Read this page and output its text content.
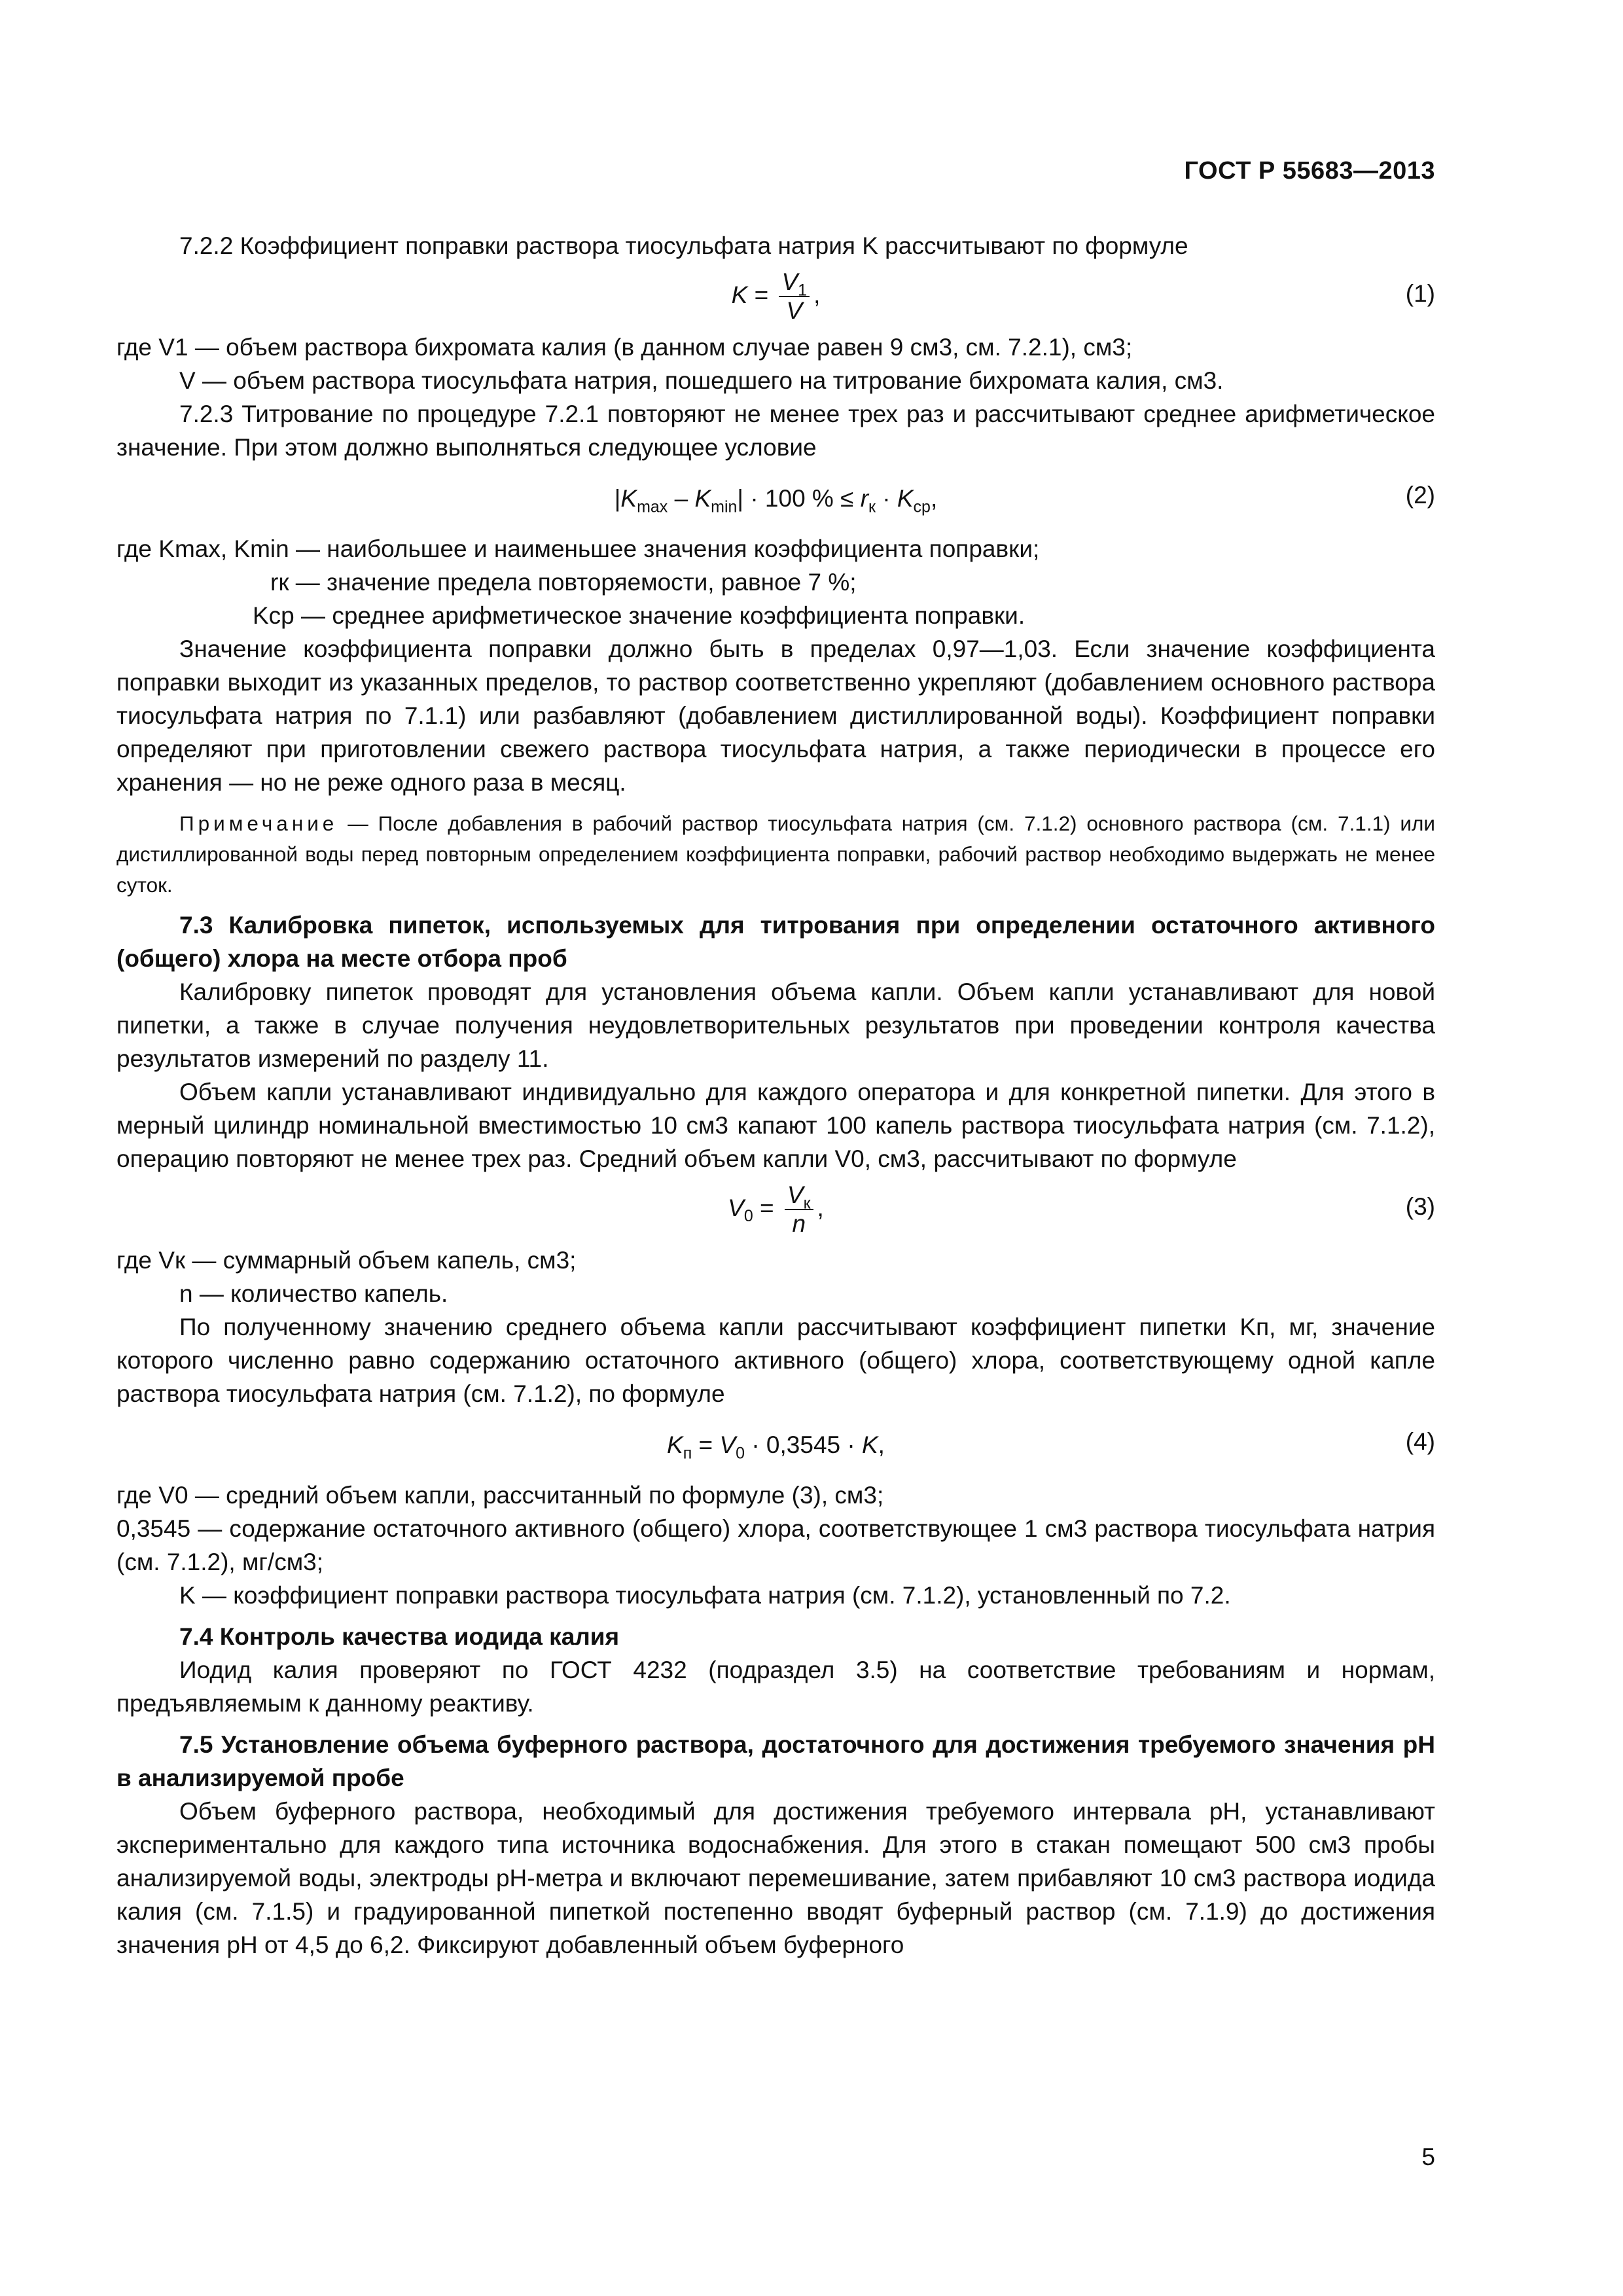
ГОСТ Р 55683—2013

7.2.2 Коэффициент поправки раствора тиосульфата натрия K рассчитывают по формуле

$K = \frac{V_1}{V}$ ,	(1)

где V1 — объем раствора бихромата калия (в данном случае равен 9 см3, см. 7.2.1), см3;

V — объем раствора тиосульфата натрия, пошедшего на титрование бихромата калия, см3.

7.2.3 Титрование по процедуре 7.2.1 повторяют не менее трех раз и рассчитывают среднее арифметическое значение. При этом должно выполняться следующее условие

$|K_{max} - K_{min}| \cdot 100$ % ≤ $r_к \cdot K_{ср}$,	(2)

где Kmax, Kmin — наибольшее и наименьшее значения коэффициента поправки;

rк — значение предела повторяемости, равное 7 %;

Kср — среднее арифметическое значение коэффициента поправки.

Значение коэффициента поправки должно быть в пределах 0,97—1,03. Если значение коэффициента поправки выходит из указанных пределов, то раствор соответственно укрепляют (добавлением основного раствора тиосульфата натрия по 7.1.1) или разбавляют (добавлением дистиллированной воды). Коэффициент поправки определяют при приготовлении свежего раствора тиосульфата натрия, а также периодически в процессе его хранения — но не реже одного раза в месяц.

Примечание — После добавления в рабочий раствор тиосульфата натрия (см. 7.1.2) основного раствора (см. 7.1.1) или дистиллированной воды перед повторным определением коэффициента поправки, рабочий раствор необходимо выдержать не менее суток.

7.3 Калибровка пипеток, используемых для титрования при определении остаточного активного (общего) хлора на месте отбора проб

Калибровку пипеток проводят для установления объема капли. Объем капли устанавливают для новой пипетки, а также в случае получения неудовлетворительных результатов при проведении контроля качества результатов измерений по разделу 11.

Объем капли устанавливают индивидуально для каждого оператора и для конкретной пипетки. Для этого в мерный цилиндр номинальной вместимостью 10 см3 капают 100 капель раствора тиосульфата натрия (см. 7.1.2), операцию повторяют не менее трех раз. Средний объем капли V0, см3, рассчитывают по формуле

$V_0 = \frac{V_к}{n}$ ,	(3)

где Vк — суммарный объем капель, см3;

n — количество капель.

По полученному значению среднего объема капли рассчитывают коэффициент пипетки Kп, мг, значение которого численно равно содержанию остаточного активного (общего) хлора, соответствующему одной капле раствора тиосульфата натрия (см. 7.1.2), по формуле

$K_п = V_0 \cdot 0,3545 \cdot K$,	(4)

где V0 — средний объем капли, рассчитанный по формуле (3), см3;

0,3545 — содержание остаточного активного (общего) хлора, соответствующее 1 см3 раствора тиосульфата натрия (см. 7.1.2), мг/см3;

K — коэффициент поправки раствора тиосульфата натрия (см. 7.1.2), установленный по 7.2.

7.4 Контроль качества иодида калия

Иодид калия проверяют по ГОСТ 4232 (подраздел 3.5) на соответствие требованиям и нормам, предъявляемым к данному реактиву.

7.5 Установление объема буферного раствора, достаточного для достижения требуемого значения pH в анализируемой пробе

Объем буферного раствора, необходимый для достижения требуемого интервала pH, устанавливают экспериментально для каждого типа источника водоснабжения. Для этого в стакан помещают 500 см3 пробы анализируемой воды, электроды pH-метра и включают перемешивание, затем прибавляют 10 см3 раствора иодида калия (см. 7.1.5) и градуированной пипеткой постепенно вводят буферный раствор (см. 7.1.9) до достижения значения pH от 4,5 до 6,2. Фиксируют добавленный объем буферного

5
